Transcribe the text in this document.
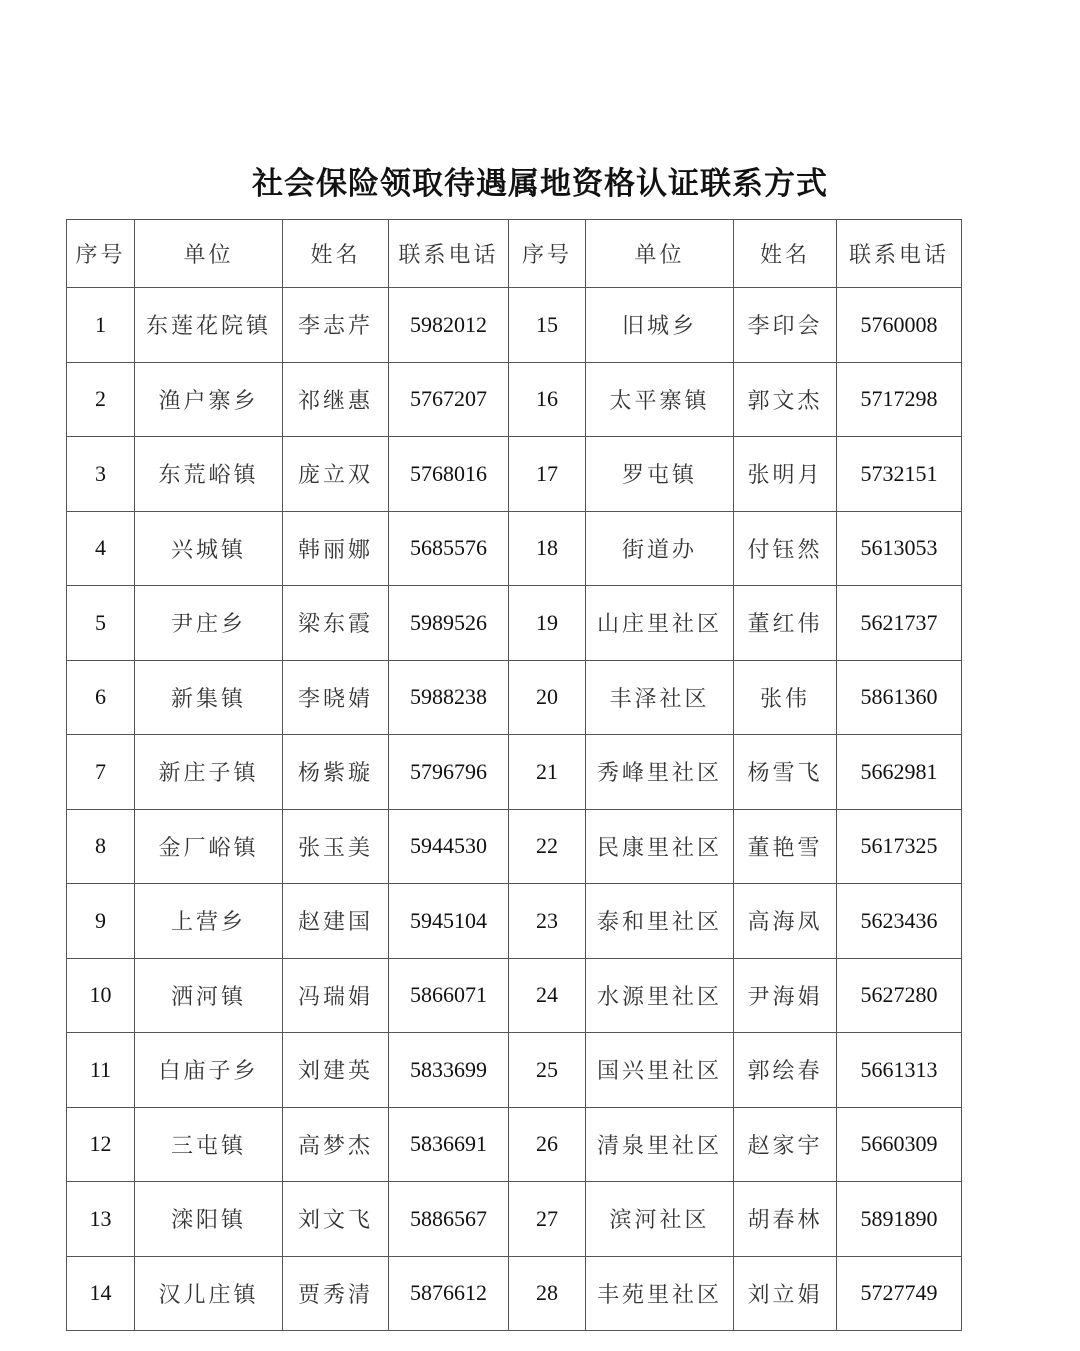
社会保险领取待遇属地资格认证联系方式
序号	单位	姓名	联系电话	序号	单位	姓名	联系电话
1	东莲花院镇	李志芹	5982012	15	旧城乡	李印会	5760008
2	渔户寨乡	祁继惠	5767207	16	太平寨镇	郭文杰	5717298
3	东荒峪镇	庞立双	5768016	17	罗屯镇	张明月	5732151
4	兴城镇	韩丽娜	5685576	18	街道办	付钰然	5613053
5	尹庄乡	梁东霞	5989526	19	山庄里社区	董红伟	5621737
6	新集镇	李晓婧	5988238	20	丰泽社区	张伟	5861360
7	新庄子镇	杨紫璇	5796796	21	秀峰里社区	杨雪飞	5662981
8	金厂峪镇	张玉美	5944530	22	民康里社区	董艳雪	5617325
9	上营乡	赵建国	5945104	23	泰和里社区	高海凤	5623436
10	洒河镇	冯瑞娟	5866071	24	水源里社区	尹海娟	5627280
11	白庙子乡	刘建英	5833699	25	国兴里社区	郭绘春	5661313
12	三屯镇	高梦杰	5836691	26	清泉里社区	赵家宇	5660309
13	滦阳镇	刘文飞	5886567	27	滨河社区	胡春林	5891890
14	汉儿庄镇	贾秀清	5876612	28	丰苑里社区	刘立娟	5727749
